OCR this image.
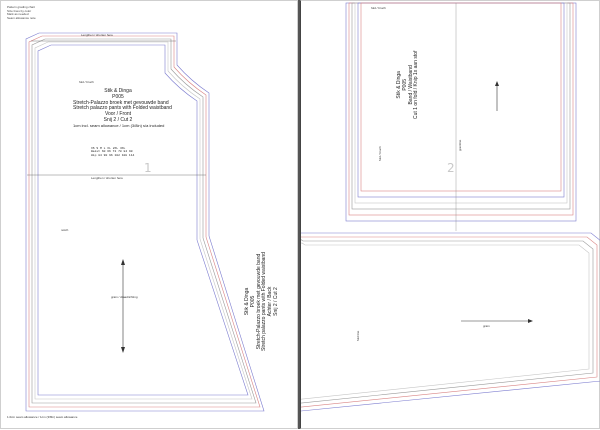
Pattern grading chart
Size lines by color
Mark as needed
Seam allowance note
Lengthen / shorten here
fold / bruch
Stik & Dinga
P005
Stretch-Palazzo broek met gevouwde band
Stretch palazzo pants with Folded waistband
Voor / Front
Snij 2 / Cut 2
1cm incl. seam allowance / 1cm (3/8in) s/a included
XS S M L XL 2XL 3XL
Waist 60 66 72 78 84 90
Hip 84 90 96 102 108 114
1
Lengthen / shorten here
notch
grain / draadrichting
1.0cm seam allowance / 1cm (3/8in) seam allowance
fold / bruch
2
Stik & Dinga P005 Band / Waistband Cut 1 on fold / Knip 1x aan stof
fold / bruch
grainline
Stik & Dinga P005 Stretch-Palazzo broek met gevouwde band Stretch palazzo pants with Folded waistband Achter / Back Snij 2 / Cut 2
fold line
grain
